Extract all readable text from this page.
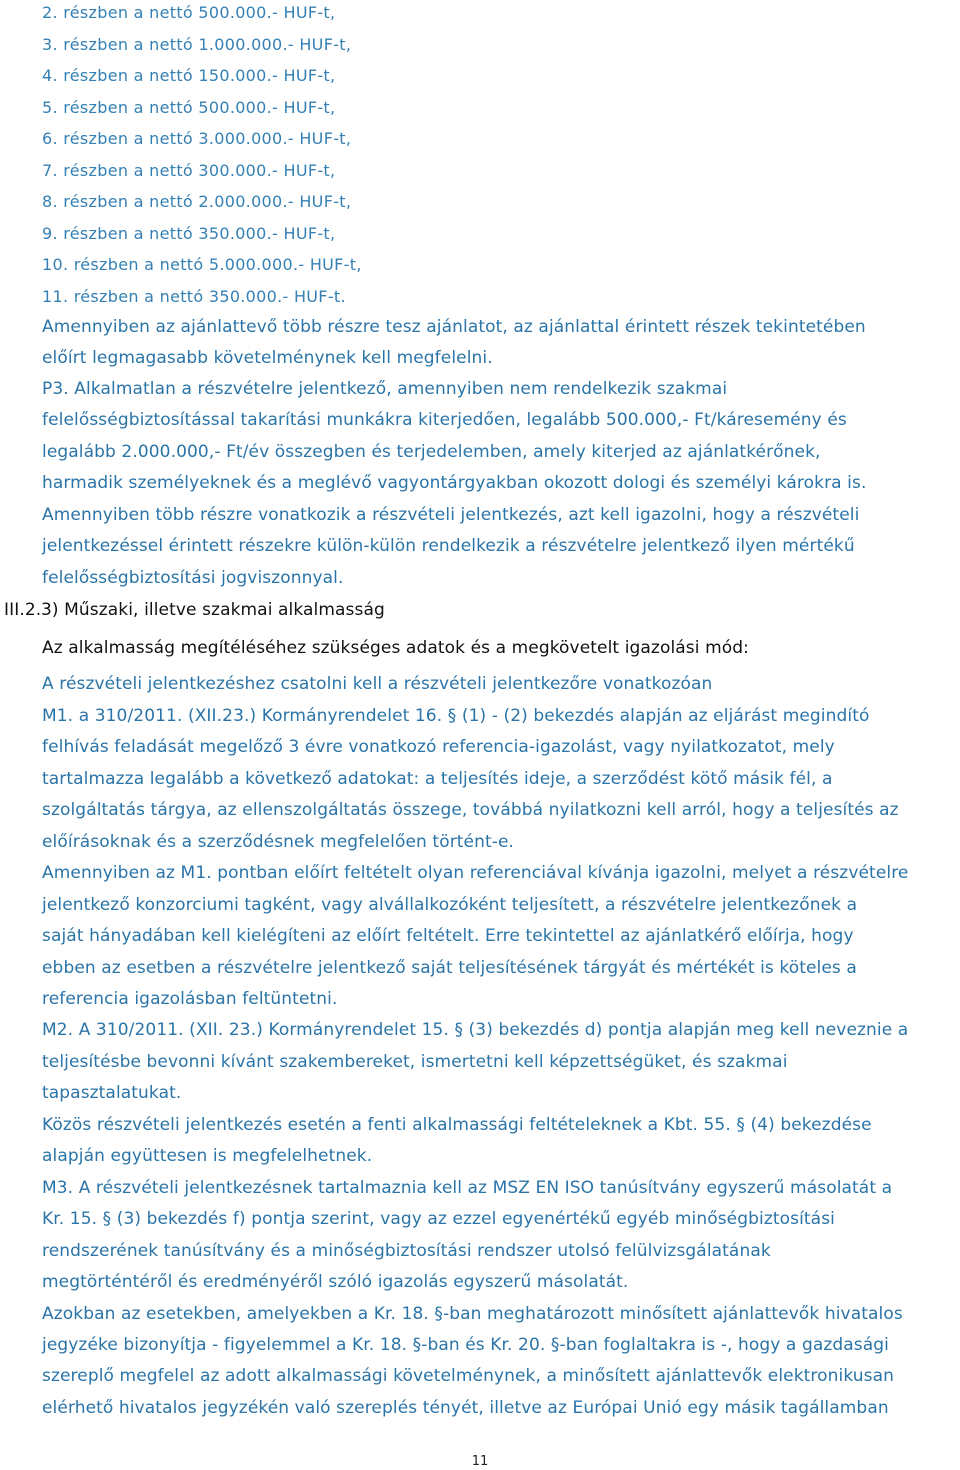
2. részben a nettó 500.000.- HUF-t,
3. részben a nettó 1.000.000.- HUF-t,
4. részben a nettó 150.000.- HUF-t,
5. részben a nettó 500.000.- HUF-t,
6. részben a nettó 3.000.000.- HUF-t,
7. részben a nettó 300.000.- HUF-t,
8. részben a nettó 2.000.000.- HUF-t,
9. részben a nettó 350.000.- HUF-t,
10. részben a nettó 5.000.000.- HUF-t,
11. részben a nettó 350.000.- HUF-t.
Amennyiben az ajánlattevő több részre tesz ajánlatot, az ajánlattal érintett részek tekintetében
előírt legmagasabb követelménynek kell megfelelni.
P3. Alkalmatlan a részvételre jelentkező, amennyiben nem rendelkezik szakmai
felelősségbiztosítással takarítási munkákra kiterjedően, legalább 500.000,- Ft/káresemény és
legalább 2.000.000,- Ft/év összegben és terjedelemben, amely kiterjed az ajánlatkérőnek,
harmadik személyeknek és a meglévő vagyontárgyakban okozott dologi és személyi károkra is.
Amennyiben több részre vonatkozik a részvételi jelentkezés, azt kell igazolni, hogy a részvételi
jelentkezéssel érintett részekre külön-külön rendelkezik a részvételre jelentkező ilyen mértékű
felelősségbiztosítási jogviszonnyal.
III.2. 3) Műszaki, illetve szakmai alkalmasság
Az alkalmasság megítéléséhez szükséges adatok és a megkövetelt igazolási mód:
A részvételi jelentkezéshez csatolni kell a részvételi jelentkezőre vonatkozóan
M1. a 310/2011. (XII.23.) Kormányrendelet 16. § (1) - (2) bekezdés alapján az eljárást megindító
felhívás feladását megelőző 3 évre vonatkozó referencia-igazolást, vagy nyilatkozatot, mely
tartalmazza legalább a következő adatokat: a teljesítés ideje, a szerződést kötő másik fél, a
szolgáltatás tárgya, az ellenszolgáltatás összege, továbbá nyilatkozni kell arról, hogy a teljesítés az
előírásoknak és a szerződésnek megfelelően történt-e.
Amennyiben az M1. pontban előírt feltételt olyan referenciával kívánja igazolni, melyet a részvételre
jelentkező konzorciumi tagként, vagy alvállalkozóként teljesített, a részvételre jelentkezőnek a
saját hányadában kell kielégíteni az előírt feltételt. Erre tekintettel az ajánlatkérő előírja, hogy
ebben az esetben a részvételre jelentkező saját teljesítésének tárgyát és mértékét is köteles a
referencia igazolásban feltüntetni.
M2. A 310/2011. (XII. 23.) Kormányrendelet 15. § (3) bekezdés d) pontja alapján meg kell neveznie a
teljesítésbe bevonni kívánt szakembereket, ismertetni kell képzettségüket, és szakmai
tapasztalatukat.
Közös részvételi jelentkezés esetén a fenti alkalmassági feltételeknek a Kbt. 55. § (4) bekezdése
alapján együttesen is megfelelhetnek.
M3. A részvételi jelentkezésnek tartalmaznia kell az MSZ EN ISO tanúsítvány egyszerű másolatát a
Kr. 15. § (3) bekezdés f) pontja szerint, vagy az ezzel egyenértékű egyéb minőségbiztosítási
rendszerének tanúsítvány és a minőségbiztosítási rendszer utolsó felülvizsgálatának
megtörténtéről és eredményéről szóló igazolás egyszerű másolatát.
Azokban az esetekben, amelyekben a Kr. 18. §-ban meghatározott minősített ajánlattevők hivatalos
jegyzéke bizonyítja - figyelemmel a Kr. 18. §-ban és Kr. 20. §-ban foglaltakra is -, hogy a gazdasági
szereplő megfelel az adott alkalmassági követelménynek, a minősített ajánlattevők elektronikusan
elérhető hivatalos jegyzékén való szereplés tényét, illetve az Európai Unió egy másik tagállamban
11
